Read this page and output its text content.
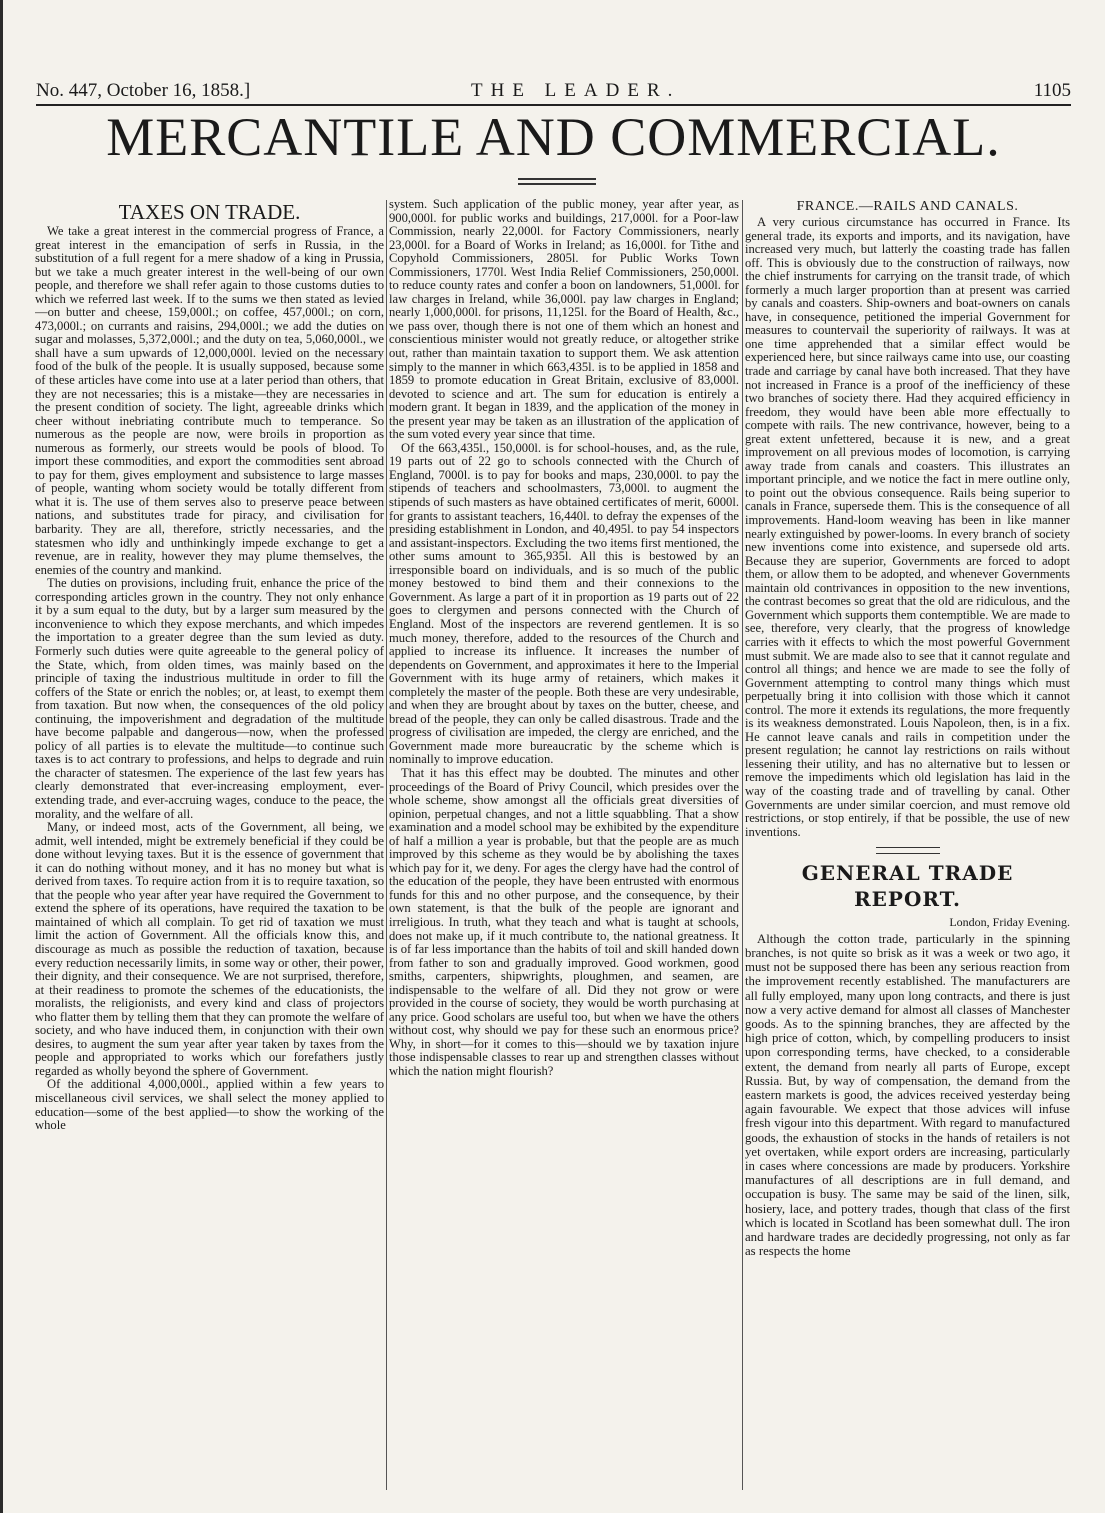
No. 447, October 16, 1858.]	THE LEADER.	1105
MERCANTILE AND COMMERCIAL.
TAXES ON TRADE.

We take a great interest in the commercial progress of France, a great interest in the emancipation of serfs in Russia, in the substitution of a full regent for a mere shadow of a king in Prussia, but we take a much greater interest in the well-being of our own people, and therefore we shall refer again to those customs duties to which we referred last week. If to the sums we then stated as levied—on butter and cheese, 159,000l.; on coffee, 457,000l.; on corn, 473,000l.; on currants and raisins, 294,000l.; we add the duties on sugar and molasses, 5,372,000l.; and the duty on tea, 5,060,000l., we shall have a sum upwards of 12,000,000l. levied on the necessary food of the bulk of the people. It is usually supposed, because some of these articles have come into use at a later period than others, that they are not necessaries; this is a mistake—they are necessaries in the present condition of society. The light, agreeable drinks which cheer without inebriating contribute much to temperance. So numerous as the people are now, were broils in proportion as numerous as formerly, our streets would be pools of blood. To import these commodities, and export the commodities sent abroad to pay for them, gives employment and subsistence to large masses of people, wanting whom society would be totally different from what it is. The use of them serves also to preserve peace between nations, and substitutes trade for piracy, and civilisation for barbarity. They are all, therefore, strictly necessaries, and the statesmen who idly and unthinkingly impede exchange to get a revenue, are in reality, however they may plume themselves, the enemies of the country and mankind.

The duties on provisions, including fruit, enhance the price of the corresponding articles grown in the country. They not only enhance it by a sum equal to the duty, but by a larger sum measured by the inconvenience to which they expose merchants, and which impedes the importation to a greater degree than the sum levied as duty. Formerly such duties were quite agreeable to the general policy of the State, which, from olden times, was mainly based on the principle of taxing the industrious multitude in order to fill the coffers of the State or enrich the nobles; or, at least, to exempt them from taxation. But now when, the consequences of the old policy continuing, the impoverishment and degradation of the multitude have become palpable and dangerous—now, when the professed policy of all parties is to elevate the multitude—to continue such taxes is to act contrary to professions, and helps to degrade and ruin the character of statesmen. The experience of the last few years has clearly demonstrated that ever-increasing employment, ever-extending trade, and ever-accruing wages, conduce to the peace, the morality, and the welfare of all.

Many, or indeed most, acts of the Government, all being, we admit, well intended, might be extremely beneficial if they could be done without levying taxes. But it is the essence of government that it can do nothing without money, and it has no money but what is derived from taxes. To require action from it is to require taxation, so that the people who year after year have required the Government to extend the sphere of its operations, have required the taxation to be maintained of which all complain. To get rid of taxation we must limit the action of Government. All the officials know this, and discourage as much as possible the reduction of taxation, because every reduction necessarily limits, in some way or other, their power, their dignity, and their consequence. We are not surprised, therefore, at their readiness to promote the schemes of the educationists, the moralists, the religionists, and every kind and class of projectors who flatter them by telling them that they can promote the welfare of society, and who have induced them, in conjunction with their own desires, to augment the sum year after year taken by taxes from the people and appropriated to works which our forefathers justly regarded as wholly beyond the sphere of Government.

Of the additional 4,000,000l., applied within a few years to miscellaneous civil services, we shall select the money applied to education—some of the best applied—to show the working of the whole

system. Such application of the public money, year after year, as 900,000l. for public works and buildings, 217,000l. for a Poor-law Commission, nearly 22,000l. for Factory Commissioners, nearly 23,000l. for a Board of Works in Ireland; as 16,000l. for Tithe and Copyhold Commissioners, 2805l. for Public Works Town Commissioners, 1770l. West India Relief Commissioners, 250,000l. to reduce county rates and confer a boon on landowners, 51,000l. for law charges in Ireland, while 36,000l. pay law charges in England; nearly 1,000,000l. for prisons, 11,125l. for the Board of Health, &c., we pass over, though there is not one of them which an honest and conscientious minister would not greatly reduce, or altogether strike out, rather than maintain taxation to support them. We ask attention simply to the manner in which 663,435l. is to be applied in 1858 and 1859 to promote education in Great Britain, exclusive of 83,000l. devoted to science and art. The sum for education is entirely a modern grant. It began in 1839, and the application of the money in the present year may be taken as an illustration of the application of the sum voted every year since that time.

Of the 663,435l., 150,000l. is for school-houses, and, as the rule, 19 parts out of 22 go to schools connected with the Church of England, 7000l. is to pay for books and maps, 230,000l. to pay the stipends of teachers and schoolmasters, 73,000l. to augment the stipends of such masters as have obtained certificates of merit, 6000l. for grants to assistant teachers, 16,440l. to defray the expenses of the presiding establishment in London, and 40,495l. to pay 54 inspectors and assistant-inspectors. Excluding the two items first mentioned, the other sums amount to 365,935l. All this is bestowed by an irresponsible board on individuals, and is so much of the public money bestowed to bind them and their connexions to the Government. As large a part of it in proportion as 19 parts out of 22 goes to clergymen and persons connected with the Church of England. Most of the inspectors are reverend gentlemen. It is so much money, therefore, added to the resources of the Church and applied to increase its influence. It increases the number of dependents on Government, and approximates it here to the Imperial Government with its huge army of retainers, which makes it completely the master of the people. Both these are very undesirable, and when they are brought about by taxes on the butter, cheese, and bread of the people, they can only be called disastrous. Trade and the progress of civilisation are impeded, the clergy are enriched, and the Government made more bureaucratic by the scheme which is nominally to improve education.

That it has this effect may be doubted. The minutes and other proceedings of the Board of Privy Council, which presides over the whole scheme, show amongst all the officials great diversities of opinion, perpetual changes, and not a little squabbling. That a show examination and a model school may be exhibited by the expenditure of half a million a year is probable, but that the people are as much improved by this scheme as they would be by abolishing the taxes which pay for it, we deny. For ages the clergy have had the control of the education of the people, they have been entrusted with enormous funds for this and no other purpose, and the consequence, by their own statement, is that the bulk of the people are ignorant and irreligious. In truth, what they teach and what is taught at schools, does not make up, if it much contribute to, the national greatness. It is of far less importance than the habits of toil and skill handed down from father to son and gradually improved. Good workmen, good smiths, carpenters, shipwrights, ploughmen, and seamen, are indispensable to the welfare of all. Did they not grow or were provided in the course of society, they would be worth purchasing at any price. Good scholars are useful too, but when we have the others without cost, why should we pay for these such an enormous price? Why, in short—for it comes to this—should we by taxation injure those indispensable classes to rear up and strengthen classes without which the nation might flourish?

FRANCE.—RAILS AND CANALS.

A very curious circumstance has occurred in France. Its general trade, its exports and imports, and its navigation, have increased very much, but latterly the coasting trade has fallen off. This is obviously due to the construction of railways, now the chief instruments for carrying on the transit trade, of which formerly a much larger proportion than at present was carried by canals and coasters. Ship-owners and boat-owners on canals have, in consequence, petitioned the imperial Government for measures to countervail the superiority of railways. It was at one time apprehended that a similar effect would be experienced here, but since railways came into use, our coasting trade and carriage by canal have both increased. That they have not increased in France is a proof of the inefficiency of these two branches of society there. Had they acquired efficiency in freedom, they would have been able more effectually to compete with rails. The new contrivance, however, being to a great extent unfettered, because it is new, and a great improvement on all previous modes of locomotion, is carrying away trade from canals and coasters. This illustrates an important principle, and we notice the fact in mere outline only, to point out the obvious consequence. Rails being superior to canals in France, supersede them. This is the consequence of all improvements. Hand-loom weaving has been in like manner nearly extinguished by power-looms. In every branch of society new inventions come into existence, and supersede old arts. Because they are superior, Governments are forced to adopt them, or allow them to be adopted, and whenever Governments maintain old contrivances in opposition to the new inventions, the contrast becomes so great that the old are ridiculous, and the Government which supports them contemptible. We are made to see, therefore, very clearly, that the progress of knowledge carries with it effects to which the most powerful Government must submit. We are made also to see that it cannot regulate and control all things; and hence we are made to see the folly of Government attempting to control many things which must perpetually bring it into collision with those which it cannot control. The more it extends its regulations, the more frequently is its weakness demonstrated. Louis Napoleon, then, is in a fix. He cannot leave canals and rails in competition under the present regulation; he cannot lay restrictions on rails without lessening their utility, and has no alternative but to lessen or remove the impediments which old legislation has laid in the way of the coasting trade and of travelling by canal. Other Governments are under similar coercion, and must remove old restrictions, or stop entirely, if that be possible, the use of new inventions.

GENERAL TRADE REPORT.
London, Friday Evening.

Although the cotton trade, particularly in the spinning branches, is not quite so brisk as it was a week or two ago, it must not be supposed there has been any serious reaction from the improvement recently established. The manufacturers are all fully employed, many upon long contracts, and there is just now a very active demand for almost all classes of Manchester goods. As to the spinning branches, they are affected by the high price of cotton, which, by compelling producers to insist upon corresponding terms, have checked, to a considerable extent, the demand from nearly all parts of Europe, except Russia. But, by way of compensation, the demand from the eastern markets is good, the advices received yesterday being again favourable. We expect that those advices will infuse fresh vigour into this department. With regard to manufactured goods, the exhaustion of stocks in the hands of retailers is not yet overtaken, while export orders are increasing, particularly in cases where concessions are made by producers. Yorkshire manufactures of all descriptions are in full demand, and occupation is busy. The same may be said of the linen, silk, hosiery, lace, and pottery trades, though that class of the first which is located in Scotland has been somewhat dull. The iron and hardware trades are decidedly progressing, not only as far as respects the home
